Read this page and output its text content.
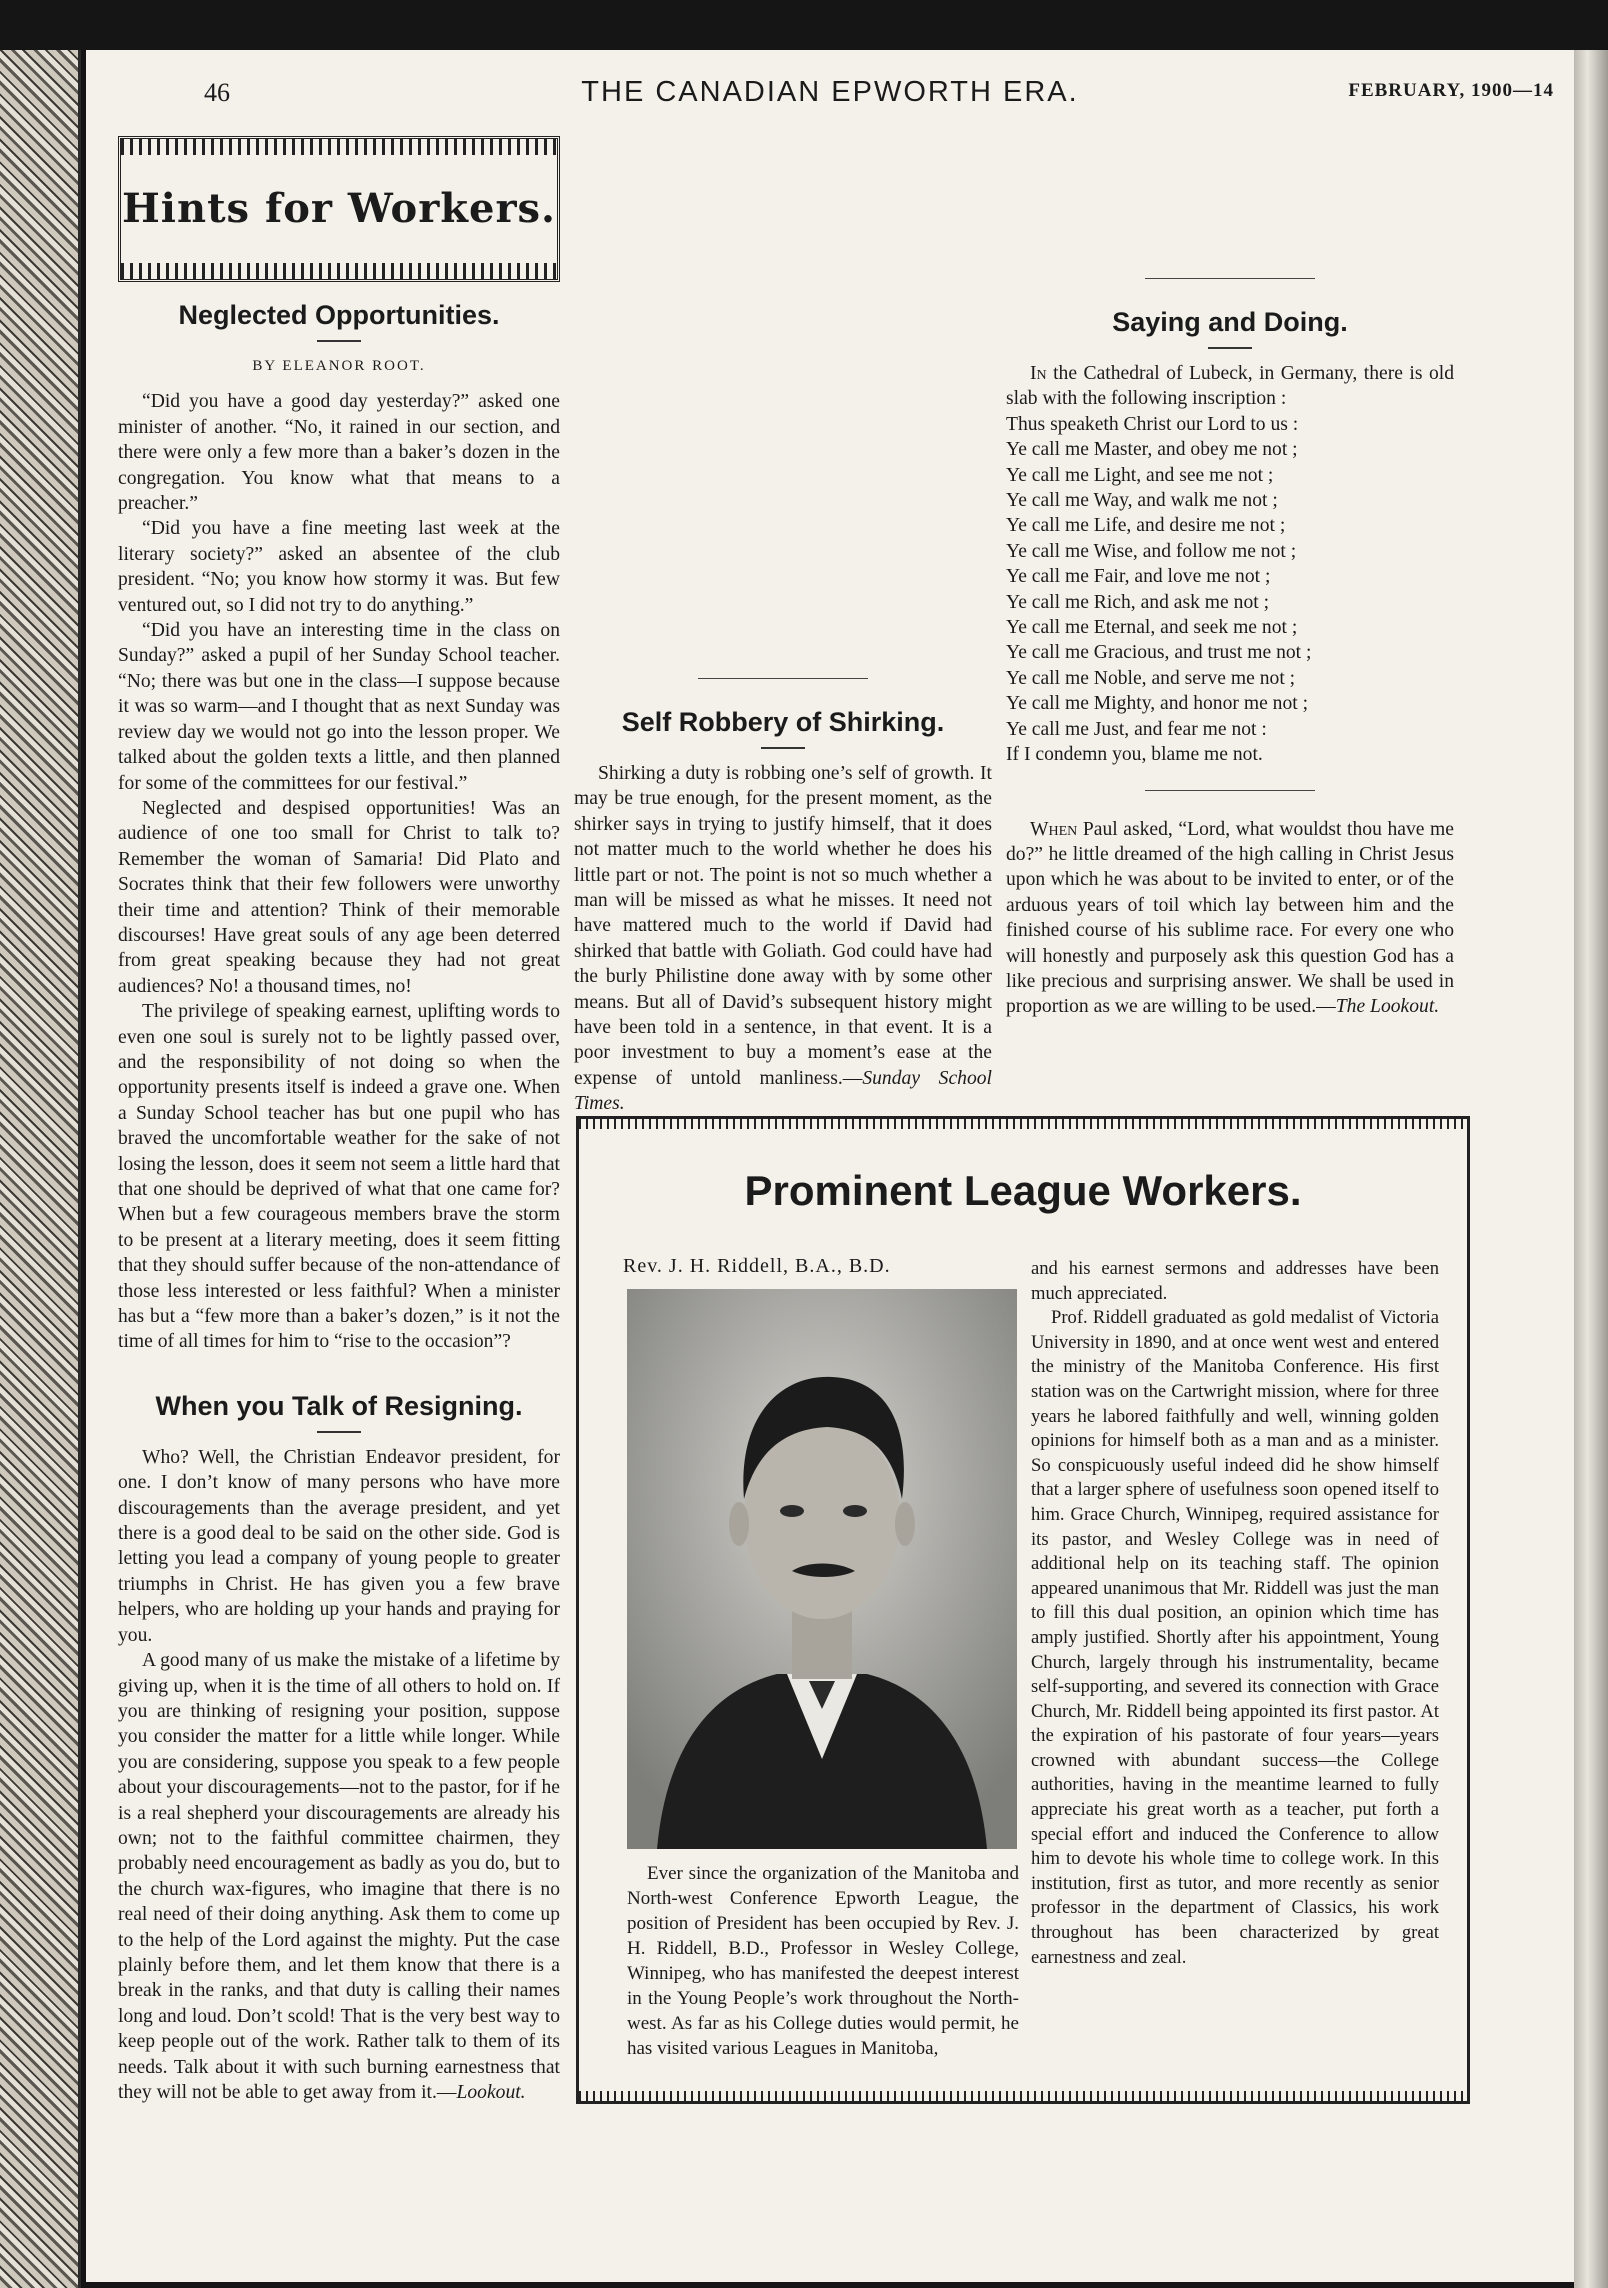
46	THE CANADIAN EPWORTH ERA.	FEBRUARY, 1900—14
Hints for Workers.
Neglected Opportunities.
BY ELEANOR ROOT.

“Did you have a good day yesterday?” asked one minister of another. “No, it rained in our section, and there were only a few more than a baker’s dozen in the congregation. You know what that means to a preacher.”

“Did you have a fine meeting last week at the literary society?” asked an absentee of the club president. “No; you know how stormy it was. But few ventured out, so I did not try to do anything.”

“Did you have an interesting time in the class on Sunday?” asked a pupil of her Sunday School teacher. “No; there was but one in the class—I suppose because it was so warm—and I thought that as next Sunday was review day we would not go into the lesson proper. We talked about the golden texts a little, and then planned for some of the committees for our festival.”

Neglected and despised opportunities! Was an audience of one too small for Christ to talk to? Remember the woman of Samaria! Did Plato and Socrates think that their few followers were unworthy their time and attention? Think of their memorable discourses! Have great souls of any age been deterred from great speaking because they had not great audiences? No! a thousand times, no!

The privilege of speaking earnest, uplifting words to even one soul is surely not to be lightly passed over, and the responsibility of not doing so when the opportunity presents itself is indeed a grave one. When a Sunday School teacher has but one pupil who has braved the uncomfortable weather for the sake of not losing the lesson, does it seem not seem a little hard that that one should be deprived of what that one came for? When but a few courageous members brave the storm to be present at a literary meeting, does it seem fitting that they should suffer because of the non-attendance of those less interested or less faithful? When a minister has but a “few more than a baker’s dozen,” is it not the time of all times for him to “rise to the occasion”?

When you Talk of Resigning.

Who? Well, the Christian Endeavor president, for one. I don’t know of many persons who have more discouragements than the average president, and yet there is a good deal to be said on the other side. God is letting you lead a company of young people to greater triumphs in Christ. He has given you a few brave helpers, who are holding up your hands and praying for you.

A good many of us make the mistake of a lifetime by giving up, when it is the time of all others to hold on. If you are thinking of resigning your position, suppose you consider the matter for a little while longer. While you are considering, suppose you speak to a few people about your discouragements—not to the pastor, for if he is a real shepherd your discouragements are already his own; not to the faithful committee chairmen, they probably need encouragement as badly as you do, but to the church wax-figures, who imagine that there is no real need of their doing anything. Ask them to come up to the help of the Lord against the mighty. Put the case plainly before them, and let them know that there is a break in the ranks, and that duty is calling their names long and loud. Don’t scold! That is the very best way to keep people out of the work. Rather talk to them of its needs. Talk about it with such burning earnestness that they will not be able to get away from it.—Lookout.

Self Robbery of Shirking.

Shirking a duty is robbing one’s self of growth. It may be true enough, for the present moment, as the shirker says in trying to justify himself, that it does not matter much to the world whether he does his little part or not. The point is not so much whether a man will be missed as what he misses. It need not have mattered much to the world if David had shirked that battle with Goliath. God could have had the burly Philistine done away with by some other means. But all of David’s subsequent history might have been told in a sentence, in that event. It is a poor investment to buy a moment’s ease at the expense of untold manliness.—Sunday School Times.

Saying and Doing.

In the Cathedral of Lubeck, in Germany, there is old slab with the following inscription :

Thus speaketh Christ our Lord to us :
Ye call me Master, and obey me not ;
Ye call me Light, and see me not ;
Ye call me Way, and walk me not ;
Ye call me Life, and desire me not ;
Ye call me Wise, and follow me not ;
Ye call me Fair, and love me not ;
Ye call me Rich, and ask me not ;
Ye call me Eternal, and seek me not ;
Ye call me Gracious, and trust me not ;
Ye call me Noble, and serve me not ;
Ye call me Mighty, and honor me not ;
Ye call me Just, and fear me not :
If I condemn you, blame me not.

When Paul asked, “Lord, what wouldst thou have me do?” he little dreamed of the high calling in Christ Jesus upon which he was about to be invited to enter, or of the arduous years of toil which lay between him and the finished course of his sublime race. For every one who will honestly and purposely ask this question God has a like precious and surprising answer. We shall be used in proportion as we are willing to be used.—The Lookout.

Prominent League Workers.
Rev. J. H. Riddell, B.A., B.D.

Ever since the organization of the Manitoba and North-west Conference Epworth League, the position of President has been occupied by Rev. J. H. Riddell, B.D., Professor in Wesley College, Winnipeg, who has manifested the deepest interest in the Young People’s work throughout the North-west. As far as his College duties would permit, he has visited various Leagues in Manitoba,

and his earnest sermons and addresses have been much appreciated.

Prof. Riddell graduated as gold medalist of Victoria University in 1890, and at once went west and entered the ministry of the Manitoba Conference. His first station was on the Cartwright mission, where for three years he labored faithfully and well, winning golden opinions for himself both as a man and as a minister. So conspicuously useful indeed did he show himself that a larger sphere of usefulness soon opened itself to him. Grace Church, Winnipeg, required assistance for its pastor, and Wesley College was in need of additional help on its teaching staff. The opinion appeared unanimous that Mr. Riddell was just the man to fill this dual position, an opinion which time has amply justified. Shortly after his appointment, Young Church, largely through his instrumentality, became self-supporting, and severed its connection with Grace Church, Mr. Riddell being appointed its first pastor. At the expiration of his pastorate of four years—years crowned with abundant success—the College authorities, having in the meantime learned to fully appreciate his great worth as a teacher, put forth a special effort and induced the Conference to allow him to devote his whole time to college work. In this institution, first as tutor, and more recently as senior professor in the department of Classics, his work throughout has been characterized by great earnestness and zeal.
